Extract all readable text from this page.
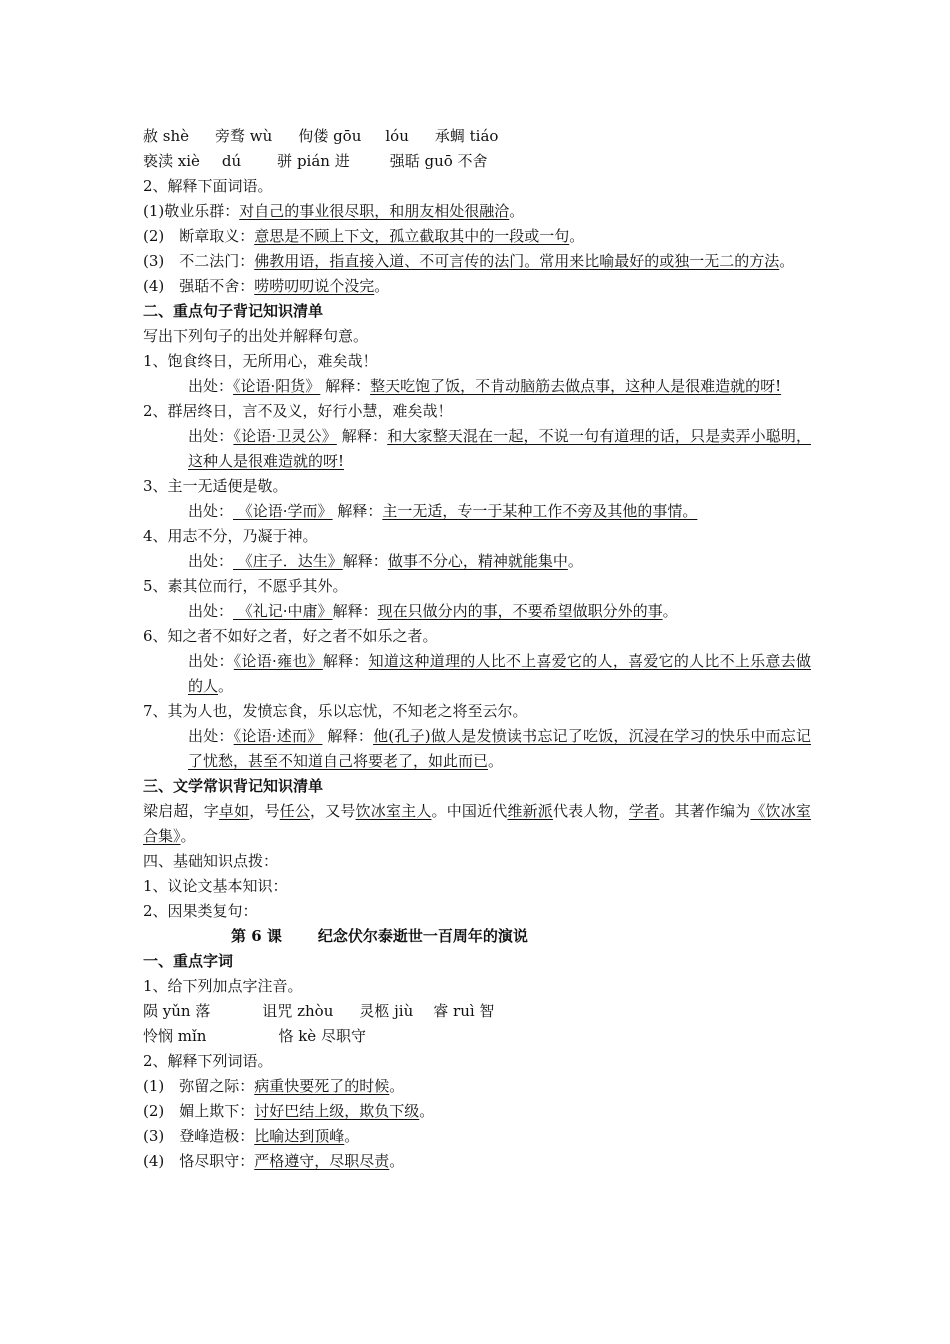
赦 shè 旁骛 wù 佝偻 gōu lóu 承蜩 tiáo
亵渎 xiè dú 骈 pián 进	强聒 guō 不舍
2、解释下面词语。
(1)敬业乐群：对自己的事业很尽职，和朋友相处很融洽。
(2)　断章取义：意思是不顾上下文，孤立截取其中的一段或一句。
(3)　不二法门：佛教用语，指直接入道、不可言传的法门。常用来比喻最好的或独一无二的方法。
(4)　强聒不舍：唠唠叨叨说个没完。
二、重点句子背记知识清单
写出下列句子的出处并解释句意。
1、饱食终日，无所用心，难矣哉！
出处：《论语·阳货》 解释：整天吃饱了饭，不肯动脑筋去做点事，这种人是很难造就的呀!
2、群居终日，言不及义，好行小慧，难矣哉！
出处：《论语·卫灵公》 解释：和大家整天混在一起，不说一句有道理的话，只是卖弄小聪明，这种人是很难造就的呀!
3、主一无适便是敬。
出处： 《论语·学而》 解释：主一无适，专一于某种工作不旁及其他的事情。
4、用志不分，乃凝于神。
出处： 《庄子．达生》解释：做事不分心，精神就能集中。
5、素其位而行，不愿乎其外。
出处： 《礼记·中庸》解释：现在只做分内的事，不要希望做职分外的事。
6、知之者不如好之者，好之者不如乐之者。
出处：《论语·雍也》解释：知道这种道理的人比不上喜爱它的人，喜爱它的人比不上乐意去做的人。
7、其为人也，发愤忘食，乐以忘忧，不知老之将至云尔。
出处：《论语·述而》 解释：他(孔子)做人是发愤读书忘记了吃饭，沉浸在学习的快乐中而忘记了忧愁，甚至不知道自己将要老了，如此而已。
三、文学常识背记知识清单
梁启超，字卓如，号任公，又号饮冰室主人。中国近代维新派代表人物，学者。其著作编为《饮冰室合集》。
四、基础知识点拨：
1、议论文基本知识：
2、因果类复句：
第 6 课 纪念伏尔泰逝世一百周年的演说
一、重点字词
1、给下列加点字注音。
陨 yǔn 落	诅咒 zhòu 灵柩 jiù 睿 ruì 智
怜悯 mǐn	恪 kè 尽职守
2、解释下列词语。
(1)　弥留之际：病重快要死了的时候。
(2)　媚上欺下：讨好巴结上级，欺负下级。
(3)　登峰造极：比喻达到顶峰。
(4)　恪尽职守：严格遵守，尽职尽责。
